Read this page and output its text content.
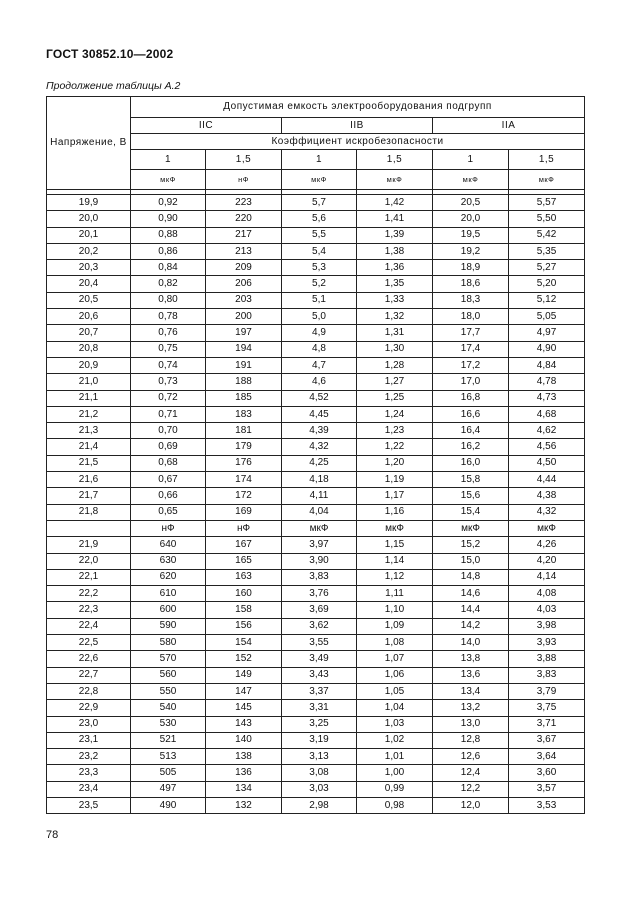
ГОСТ 30852.10—2002
Продолжение таблицы А.2
Напряжение, В	Допустимая емкость электрооборудования подгрупп					
	IIC		IIB		IIA	
	Коэффициент искробезопасности					
	1	1,5	1	1,5	1	1,5
	мкФ	нФ	мкФ	мкФ	мкФ	мкФ

19,9	0,92	223	5,7	1,42	20,5	5,57
20,0	0,90	220	5,6	1,41	20,0	5,50
20,1	0,88	217	5,5	1,39	19,5	5,42
20,2	0,86	213	5,4	1,38	19,2	5,35
20,3	0,84	209	5,3	1,36	18,9	5,27
20,4	0,82	206	5,2	1,35	18,6	5,20
20,5	0,80	203	5,1	1,33	18,3	5,12
20,6	0,78	200	5,0	1,32	18,0	5,05
20,7	0,76	197	4,9	1,31	17,7	4,97
20,8	0,75	194	4,8	1,30	17,4	4,90
20,9	0,74	191	4,7	1,28	17,2	4,84
21,0	0,73	188	4,6	1,27	17,0	4,78
21,1	0,72	185	4,52	1,25	16,8	4,73
21,2	0,71	183	4,45	1,24	16,6	4,68
21,3	0,70	181	4,39	1,23	16,4	4,62
21,4	0,69	179	4,32	1,22	16,2	4,56
21,5	0,68	176	4,25	1,20	16,0	4,50
21,6	0,67	174	4,18	1,19	15,8	4,44
21,7	0,66	172	4,11	1,17	15,6	4,38
21,8	0,65	169	4,04	1,16	15,4	4,32
	нФ	нФ	мкФ	мкФ	мкФ	мкФ
21,9	640	167	3,97	1,15	15,2	4,26
22,0	630	165	3,90	1,14	15,0	4,20
22,1	620	163	3,83	1,12	14,8	4,14
22,2	610	160	3,76	1,11	14,6	4,08
22,3	600	158	3,69	1,10	14,4	4,03
22,4	590	156	3,62	1,09	14,2	3,98
22,5	580	154	3,55	1,08	14,0	3,93
22,6	570	152	3,49	1,07	13,8	3,88
22,7	560	149	3,43	1,06	13,6	3,83
22,8	550	147	3,37	1,05	13,4	3,79
22,9	540	145	3,31	1,04	13,2	3,75
23,0	530	143	3,25	1,03	13,0	3,71
23,1	521	140	3,19	1,02	12,8	3,67
23,2	513	138	3,13	1,01	12,6	3,64
23,3	505	136	3,08	1,00	12,4	3,60
23,4	497	134	3,03	0,99	12,2	3,57
23,5	490	132	2,98	0,98	12,0	3,53
78
